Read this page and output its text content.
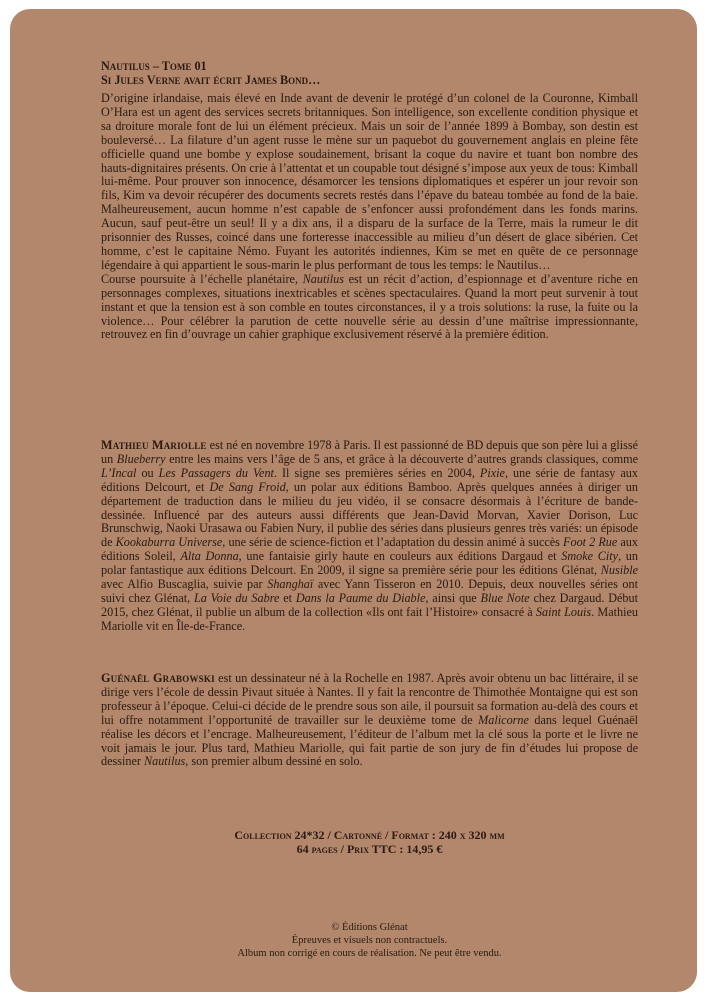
Nautilus – Tome 01
Si Jules Verne avait écrit James Bond…

D’origine irlandaise, mais élevé en Inde avant de devenir le protégé d’un colonel de la Couronne, Kimball O’Hara est un agent des services secrets britanniques. Son intelligence, son excellente condition physique et sa droiture morale font de lui un élément précieux. Mais un soir de l’année 1899 à Bombay, son destin est bouleversé… La filature d’un agent russe le mène sur un paquebot du gouvernement anglais en pleine fête officielle quand une bombe y explose soudainement, brisant la coque du navire et tuant bon nombre des hauts-dignitaires présents. On crie à l’attentat et un coupable tout désigné s’impose aux yeux de tous: Kimball lui-même. Pour prouver son innocence, désamorcer les tensions diplomatiques et espérer un jour revoir son fils, Kim va devoir récupérer des documents secrets restés dans l’épave du bateau tombée au fond de la baie. Malheureusement, aucun homme n’est capable de s’enfoncer aussi profondément dans les fonds marins. Aucun, sauf peut-être un seul! Il y a dix ans, il a disparu de la surface de la Terre, mais la rumeur le dit prisonnier des Russes, coincé dans une forteresse inaccessible au milieu d’un désert de glace sibérien. Cet homme, c’est le capitaine Némo. Fuyant les autorités indiennes, Kim se met en quête de ce personnage légendaire à qui appartient le sous-marin le plus performant de tous les temps: le Nautilus…

Course poursuite à l’échelle planétaire, Nautilus est un récit d’action, d’espionnage et d’aventure riche en personnages complexes, situations inextricables et scènes spectaculaires. Quand la mort peut survenir à tout instant et que la tension est à son comble en toutes circonstances, il y a trois solutions: la ruse, la fuite ou la violence… Pour célébrer la parution de cette nouvelle série au dessin d’une maîtrise impressionnante, retrouvez en fin d’ouvrage un cahier graphique exclusivement réservé à la première édition.

Mathieu Mariolle est né en novembre 1978 à Paris. Il est passionné de BD depuis que son père lui a glissé un Blueberry entre les mains vers l’âge de 5 ans, et grâce à la découverte d’autres grands classiques, comme L’Incal ou Les Passagers du Vent. Il signe ses premières séries en 2004, Pixie, une série de fantasy aux éditions Delcourt, et De Sang Froid, un polar aux éditions Bamboo. Après quelques années à diriger un département de traduction dans le milieu du jeu vidéo, il se consacre désormais à l’écriture de bande-dessinée. Influencé par des auteurs aussi différents que Jean-David Morvan, Xavier Dorison, Luc Brunschwig, Naoki Urasawa ou Fabien Nury, il publie des séries dans plusieurs genres très variés: un épisode de Kookaburra Universe, une série de science-fiction et l’adaptation du dessin animé à succès Foot 2 Rue aux éditions Soleil, Alta Donna, une fantaisie girly haute en couleurs aux éditions Dargaud et Smoke City, un polar fantastique aux éditions Delcourt. En 2009, il signe sa première série pour les éditions Glénat, Nusible avec Alfio Buscaglia, suivie par Shanghaï avec Yann Tisseron en 2010. Depuis, deux nouvelles séries ont suivi chez Glénat, La Voie du Sabre et Dans la Paume du Diable, ainsi que Blue Note chez Dargaud. Début 2015, chez Glénat, il publie un album de la collection «Ils ont fait l’Histoire» consacré à Saint Louis. Mathieu Mariolle vit en Île-de-France.

Guénaël Grabowski est un dessinateur né à la Rochelle en 1987. Après avoir obtenu un bac littéraire, il se dirige vers l’école de dessin Pivaut située à Nantes. Il y fait la rencontre de Thimothée Montaigne qui est son professeur à l’époque. Celui-ci décide de le prendre sous son aile, il poursuit sa formation au-delà des cours et lui offre notamment l’opportunité de travailler sur le deuxième tome de Malicorne dans lequel Guénaël réalise les décors et l’encrage. Malheureusement, l’éditeur de l’album met la clé sous la porte et le livre ne voit jamais le jour. Plus tard, Mathieu Mariolle, qui fait partie de son jury de fin d’études lui propose de dessiner Nautilus, son premier album dessiné en solo.

Collection 24*32 / Cartonné / Format : 240 x 320 mm
64 pages / Prix TTC : 14,95 €
© Éditions Glénat
Épreuves et visuels non contractuels.
Album non corrigé en cours de réalisation. Ne peut être vendu.
